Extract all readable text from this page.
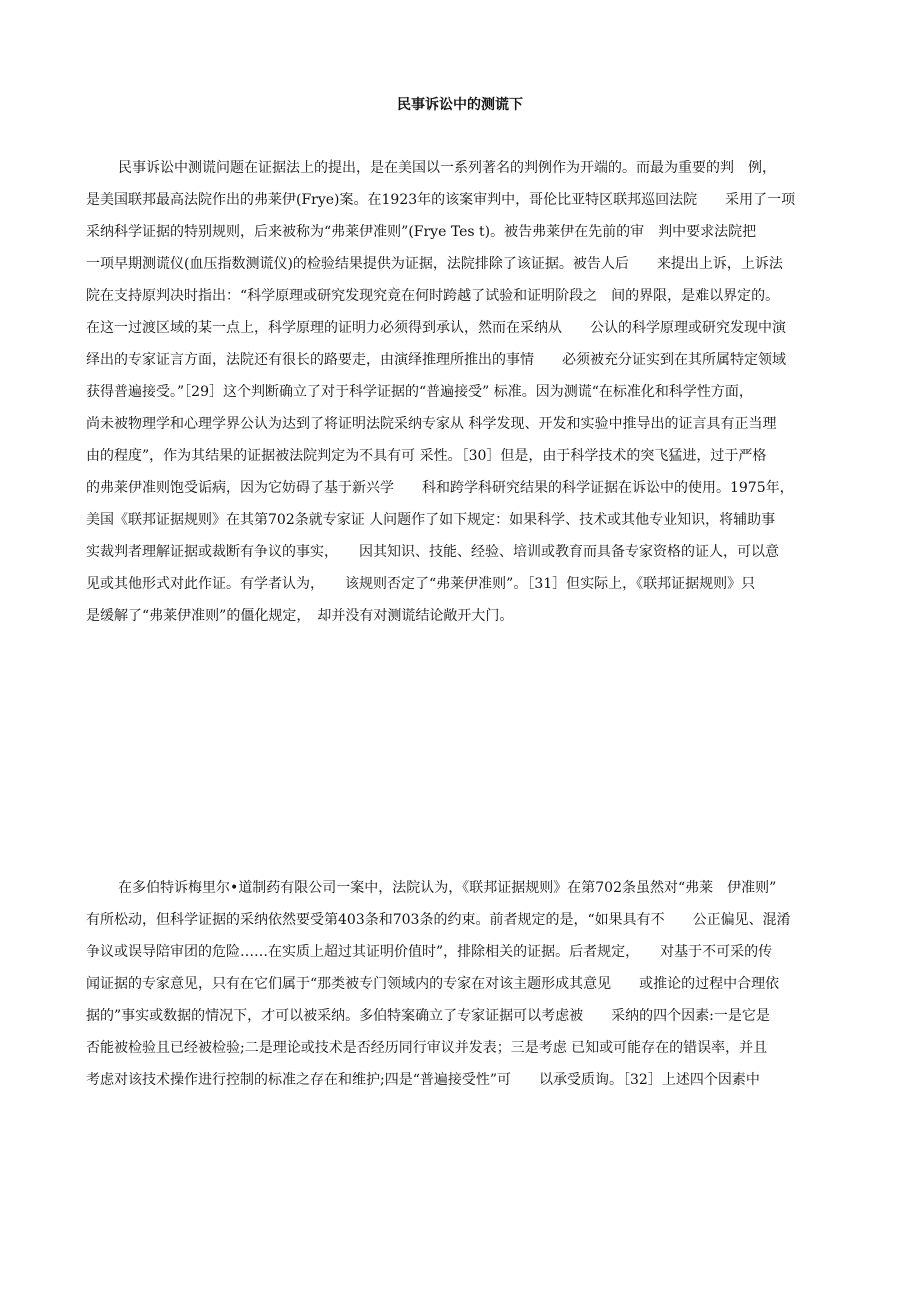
民事诉讼中的测谎下
民事诉讼中测谎问题在证据法上的提出，是在美国以一系列著名的判例作为开端的。而最为重要的判　例，
是美国联邦最高法院作出的弗莱伊(Frye)案。在1923年的该案审判中，哥伦比亚特区联邦巡回法院　　采用了一项
采纳科学证据的特别规则，后来被称为“弗莱伊准则”(Frye Tes t)。被告弗莱伊在先前的审　判中要求法院把
一项早期测谎仪(血压指数测谎仪)的检验结果提供为证据，法院排除了该证据。被告人后　　来提出上诉，上诉法
院在支持原判决时指出：“科学原理或研究发现究竟在何时跨越了试验和证明阶段之　间的界限，是难以界定的。
在这一过渡区域的某一点上，科学原理的证明力必须得到承认，然而在采纳从　　公认的科学原理或研究发现中演
绎出的专家证言方面，法院还有很长的路要走，由演绎推理所推出的事情　　必须被充分证实到在其所属特定领域
获得普遍接受。”［29］这个判断确立了对于科学证据的“普遍接受” 标准。因为测谎“在标准化和科学性方面，
尚未被物理学和心理学界公认为达到了将证明法院采纳专家从 科学发现、开发和实验中推导出的证言具有正当理
由的程度”，作为其结果的证据被法院判定为不具有可 采性。［30］但是，由于科学技术的突飞猛进，过于严格
的弗莱伊准则饱受诟病，因为它妨碍了基于新兴学　　科和跨学科研究结果的科学证据在诉讼中的使用。1975年，
美国《联邦证据规则》在其第702条就专家证 人问题作了如下规定：如果科学、技术或其他专业知识，将辅助事
实裁判者理解证据或裁断有争议的事实，　　因其知识、技能、经验、培训或教育而具备专家资格的证人，可以意
见或其他形式对此作证。有学者认为，　　该规则否定了“弗莱伊准则”。［31］但实际上，《联邦证据规则》只
是缓解了“弗莱伊准则”的僵化规定，　却并没有对测谎结论敞开大门。
在多伯特诉梅里尔•道制药有限公司一案中，法院认为，《联邦证据规则》在第702条虽然对“弗莱　伊准则”
有所松动，但科学证据的采纳依然要受第403条和703条的约束。前者规定的是，“如果具有不　　公正偏见、混淆
争议或误导陪审团的危险……在实质上超过其证明价值时”，排除相关的证据。后者规定，　　对基于不可采的传
闻证据的专家意见，只有在它们属于“那类被专门领域内的专家在对该主题形成其意见　　或推论的过程中合理依
据的”事实或数据的情况下，才可以被采纳。多伯特案确立了专家证据可以考虑被　　采纳的四个因素:一是它是
否能被检验且已经被检验;二是理论或技术是否经历同行审议并发表；三是考虑 已知或可能存在的错误率，并且
考虑对该技术操作进行控制的标准之存在和维护;四是“普遍接受性”可　　以承受质询。［32］上述四个因素中
